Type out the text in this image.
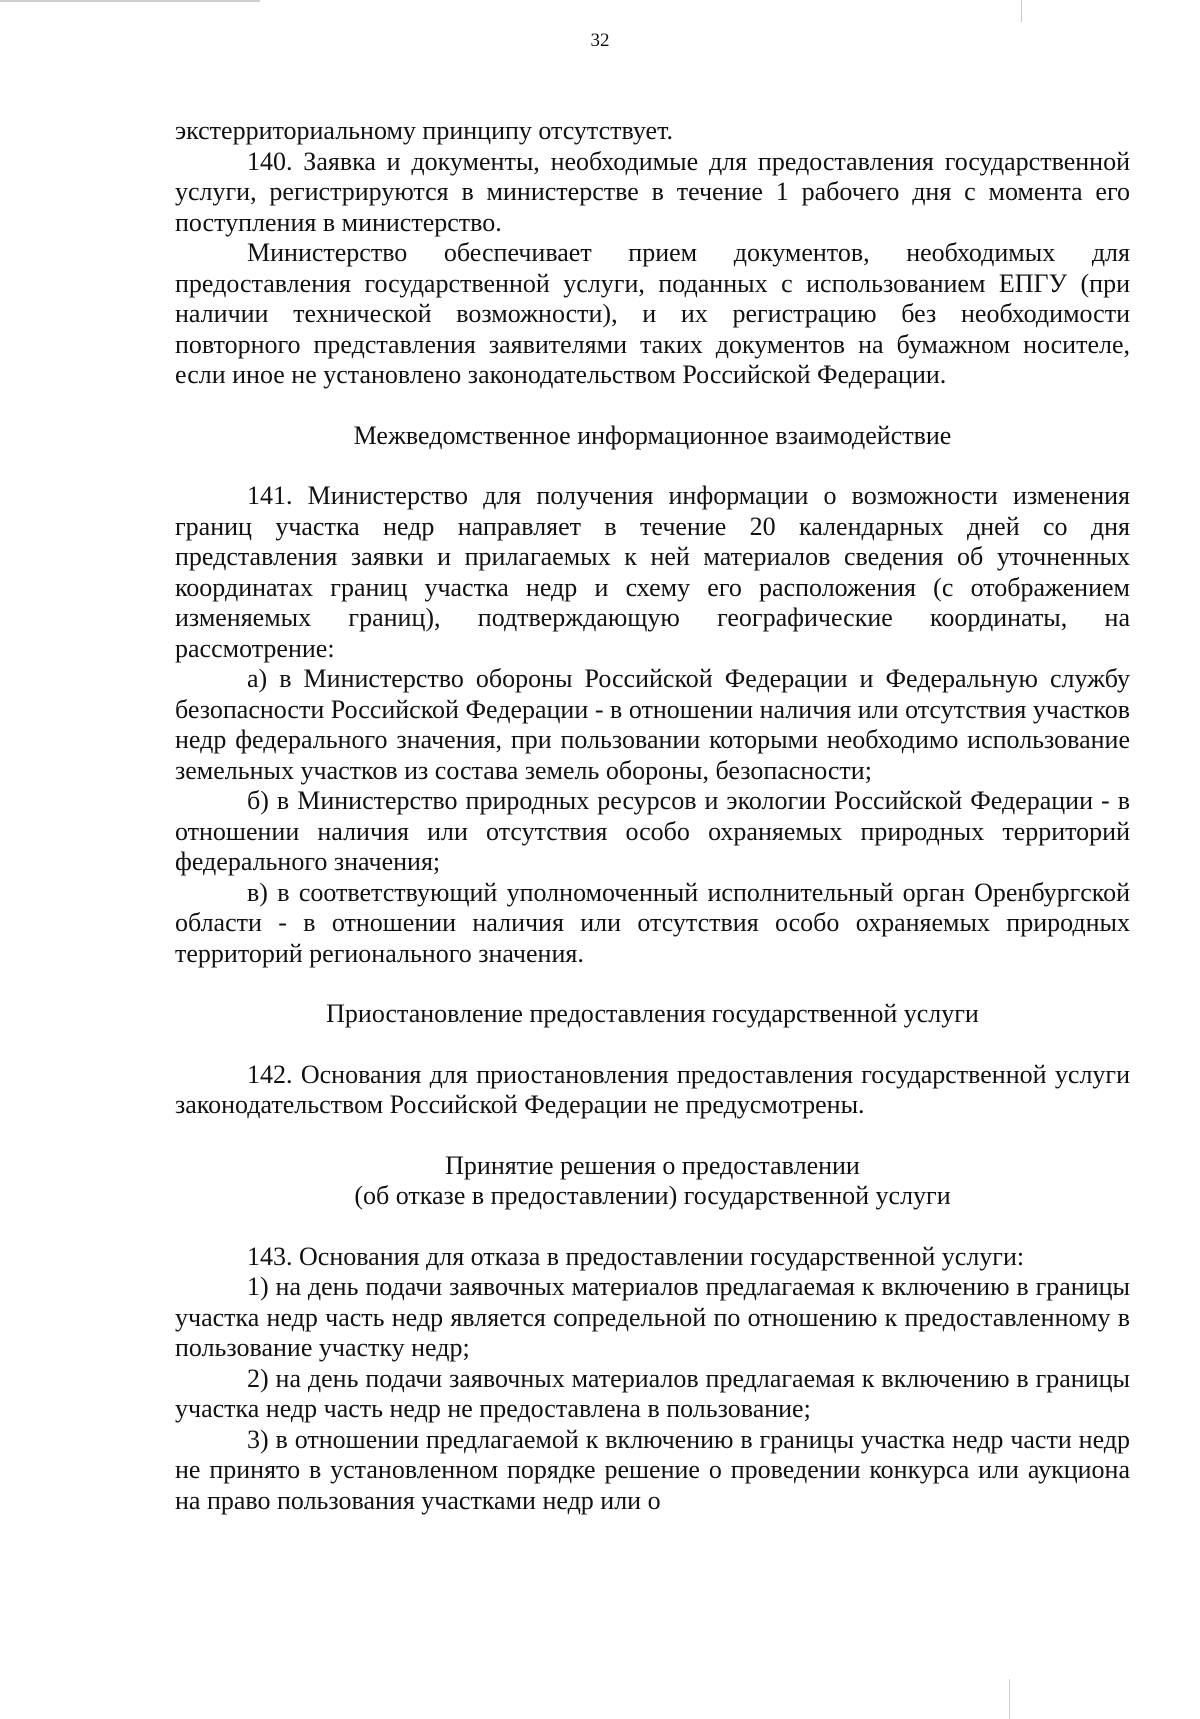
32

экстерриториальному принципу отсутствует.

140. Заявка и документы, необходимые для предоставления государственной услуги, регистрируются в министерстве в течение 1 рабочего дня с момента его поступления в министерство.

Министерство обеспечивает прием документов, необходимых для предоставления государственной услуги, поданных с использованием ЕПГУ (при наличии технической возможности), и их регистрацию без необходимости повторного представления заявителями таких документов на бумажном носителе, если иное не установлено законодательством Российской Федерации.

Межведомственное информационное взаимодействие

141. Министерство для получения информации о возможности изменения границ участка недр направляет в течение 20 календарных дней со дня представления заявки и прилагаемых к ней материалов сведения об уточненных координатах границ участка недр и схему его расположения (с отображением изменяемых границ), подтверждающую географические координаты, на рассмотрение:

а) в Министерство обороны Российской Федерации и Федеральную службу безопасности Российской Федерации - в отношении наличия или отсутствия участков недр федерального значения, при пользовании которыми необходимо использование земельных участков из состава земель обороны, безопасности;

б) в Министерство природных ресурсов и экологии Российской Федерации - в отношении наличия или отсутствия особо охраняемых природных территорий федерального значения;

в) в соответствующий уполномоченный исполнительный орган Оренбургской области - в отношении наличия или отсутствия особо охраняемых природных территорий регионального значения.

Приостановление предоставления государственной услуги

142. Основания для приостановления предоставления государственной услуги законодательством Российской Федерации не предусмотрены.

Принятие решения о предоставлении

(об отказе в предоставлении) государственной услуги

143. Основания для отказа в предоставлении государственной услуги:

1) на день подачи заявочных материалов предлагаемая к включению в границы участка недр часть недр является сопредельной по отношению к предоставленному в пользование участку недр;

2) на день подачи заявочных материалов предлагаемая к включению в границы участка недр часть недр не предоставлена в пользование;

3) в отношении предлагаемой к включению в границы участка недр части недр не принято в установленном порядке решение о проведении конкурса или аукциона на право пользования участками недр или о
